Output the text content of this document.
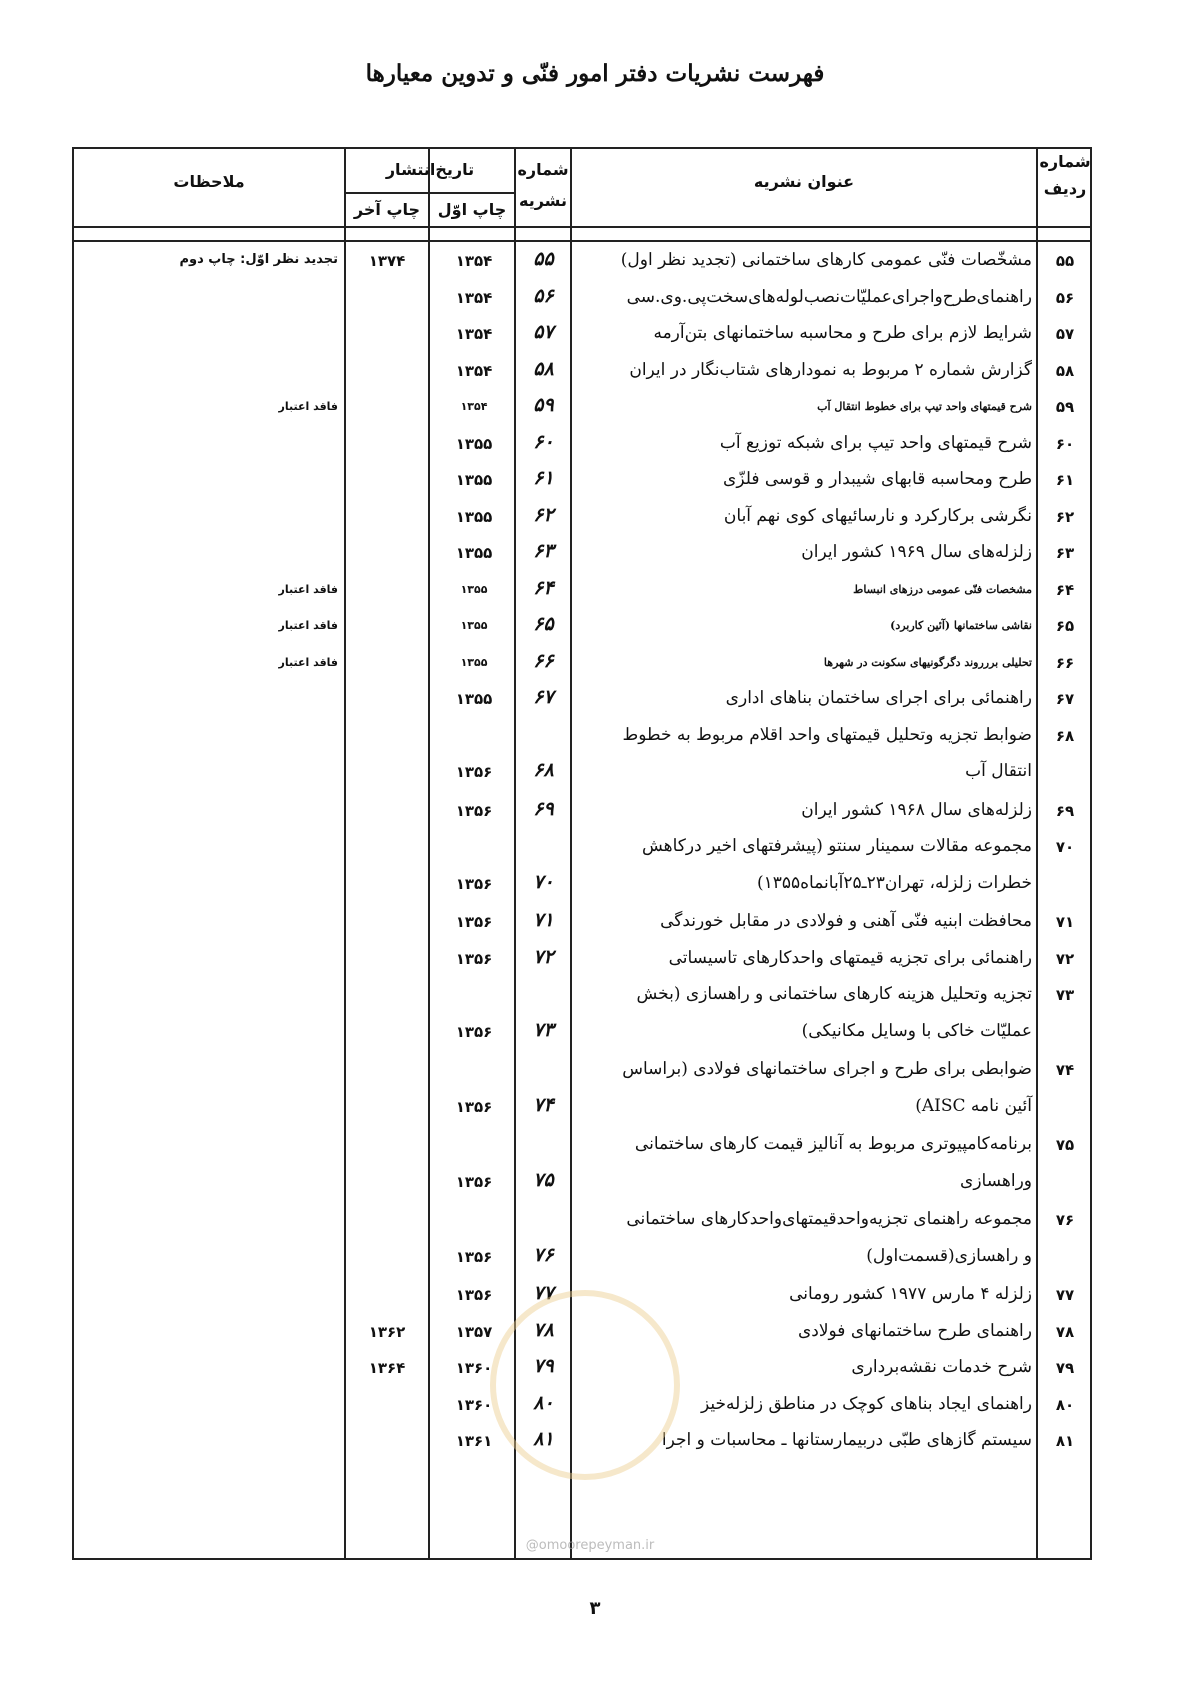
فهرست نشریات دفتر امور فنّی و تدوین معیارها
شماره
ردیف
عنوان نشریه
شماره
نشریه
تاریخ‌انتشار
چاپ اوّل
چاپ آخر
ملاحظات
۵۵
مشخّصات فنّی عمومی کارهای ساختمانی (تجدید نظر اول)
۵۵
۱۳۵۴
۱۳۷۴
تجدید نظر اوّل: چاپ دوم
۵۶
راهنمای‌طرح‌واجرای‌عملیّات‌نصب‌لوله‌های‌سخت‌پی.وی.سی
۵۶
۱۳۵۴
۵۷
شرایط لازم برای طرح و محاسبه ساختمانهای بتن‌آرمه
۵۷
۱۳۵۴
۵۸
گزارش شماره ۲ مربوط به نمودارهای شتاب‌نگار در ایران
۵۸
۱۳۵۴
۵۹
شرح قیمتهای واحد تیپ برای خطوط انتقال آب
۵۹
۱۳۵۴
فاقد اعتبار
۶۰
شرح قیمتهای واحد تیپ برای شبکه توزیع آب
۶۰
۱۳۵۵
۶۱
طرح ومحاسبه قابهای شیبدار و قوسی فلزّی
۶۱
۱۳۵۵
۶۲
نگرشی برکارکرد و نارسائیهای کوی نهم آبان
۶۲
۱۳۵۵
۶۳
زلزله‌های سال ۱۹۶۹ کشور ایران
۶۳
۱۳۵۵
۶۴
مشخصات فنّی عمومی درزهای انبساط
۶۴
۱۳۵۵
فاقد اعتبار
۶۵
نقاشی ساختمانها (آئین کاربرد)
۶۵
۱۳۵۵
فاقد اعتبار
۶۶
تحلیلی بررروند دگرگونیهای سکونت در شهرها
۶۶
۱۳۵۵
فاقد اعتبار
۶۷
راهنمائی برای اجرای ساختمان بناهای اداری
۶۷
۱۳۵۵
۶۸
ضوابط تجزیه وتحلیل قیمتهای واحد اقلام مربوط به خطوط
انتقال آب
۶۸
۱۳۵۶
۶۹
زلزله‌های سال ۱۹۶۸ کشور ایران
۶۹
۱۳۵۶
۷۰
مجموعه مقالات سمینار سنتو (پیشرفتهای اخیر درکاهش
خطرات زلزله، تهران۲۳ـ۲۵آبانماه۱۳۵۵)
۷۰
۱۳۵۶
۷۱
محافظت ابنیه فنّی آهنی و فولادی در مقابل خورندگی
۷۱
۱۳۵۶
۷۲
راهنمائی برای تجزیه قیمتهای واحدکارهای تاسیساتی
۷۲
۱۳۵۶
۷۳
تجزیه وتحلیل هزینه کارهای ساختمانی و راهسازی (بخش
عملیّات خاکی با وسایل مکانیکی)
۷۳
۱۳۵۶
۷۴
ضوابطی برای طرح و اجرای ساختمانهای فولادی (براساس
آئین نامه AISC)
۷۴
۱۳۵۶
۷۵
برنامه‌کامپیوتری مربوط به آنالیز قیمت کارهای ساختمانی
وراهسازی
۷۵
۱۳۵۶
۷۶
مجموعه راهنمای تجزیه‌واحدقیمتهای‌واحدکارهای ساختمانی
و راهسازی(قسمت‌اول)
۷۶
۱۳۵۶
۷۷
زلزله ۴ مارس ۱۹۷۷ کشور رومانی
۷۷
۱۳۵۶
۷۸
راهنمای طرح ساختمانهای فولادی
۷۸
۱۳۵۷
۱۳۶۲
۷۹
شرح خدمات نقشه‌برداری
۷۹
۱۳۶۰
۱۳۶۴
۸۰
راهنمای ایجاد بناهای کوچک در مناطق زلزله‌خیز
۸۰
۱۳۶۰
۸۱
سیستم گازهای طبّی دربیمارستانها ـ محاسبات و اجرا
۸۱
۱۳۶۱
@omoorepeyman.ir
۳
